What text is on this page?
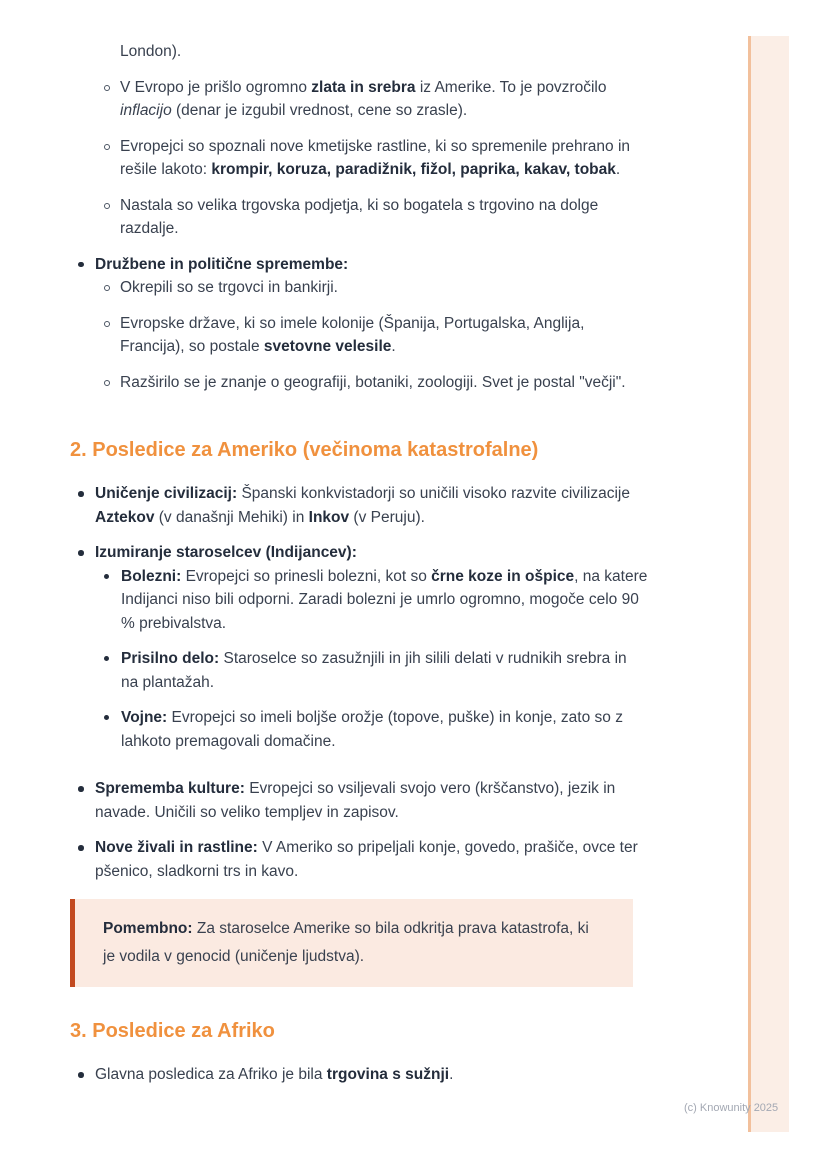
London).
V Evropo je prišlo ogromno zlata in srebra iz Amerike. To je povzročilo inflacijo (denar je izgubil vrednost, cene so zrasle).
Evropejci so spoznali nove kmetijske rastline, ki so spremenile prehrano in rešile lakoto: krompir, koruza, paradižnik, fižol, paprika, kakav, tobak.
Nastala so velika trgovska podjetja, ki so bogatela s trgovino na dolge razdalje.
Družbene in politične spremembe:
Okrepili so se trgovci in bankirji.
Evropske države, ki so imele kolonije (Španija, Portugalska, Anglija, Francija), so postale svetovne velesile.
Razširilo se je znanje o geografiji, botaniki, zoologiji. Svet je postal "večji".
2. Posledice za Ameriko (večinoma katastrofalne)
Uničenje civilizacij: Španski konkvistadorji so uničili visoko razvite civilizacije Aztekov (v današnji Mehiki) in Inkov (v Peruju).
Izumiranje staroselcev (Indijancev):
Bolezni: Evropejci so prinesli bolezni, kot so črne koze in ošpice, na katere Indijanci niso bili odporni. Zaradi bolezni je umrlo ogromno, mogoče celo 90 % prebivalstva.
Prisilno delo: Staroselce so zasužnjili in jih silili delati v rudnikih srebra in na plantažah.
Vojne: Evropejci so imeli boljše orožje (topove, puške) in konje, zato so z lahkoto premagovali domačine.
Sprememba kulture: Evropejci so vsiljevali svojo vero (krščanstvo), jezik in navade. Uničili so veliko templjev in zapisov.
Nove živali in rastline: V Ameriko so pripeljali konje, govedo, prašiče, ovce ter pšenico, sladkorni trs in kavo.
Pomembno: Za staroselce Amerike so bila odkritja prava katastrofa, ki je vodila v genocid (uničenje ljudstva).
3. Posledice za Afriko
Glavna posledica za Afriko je bila trgovina s sužnji.
(c) Knowunity 2025
